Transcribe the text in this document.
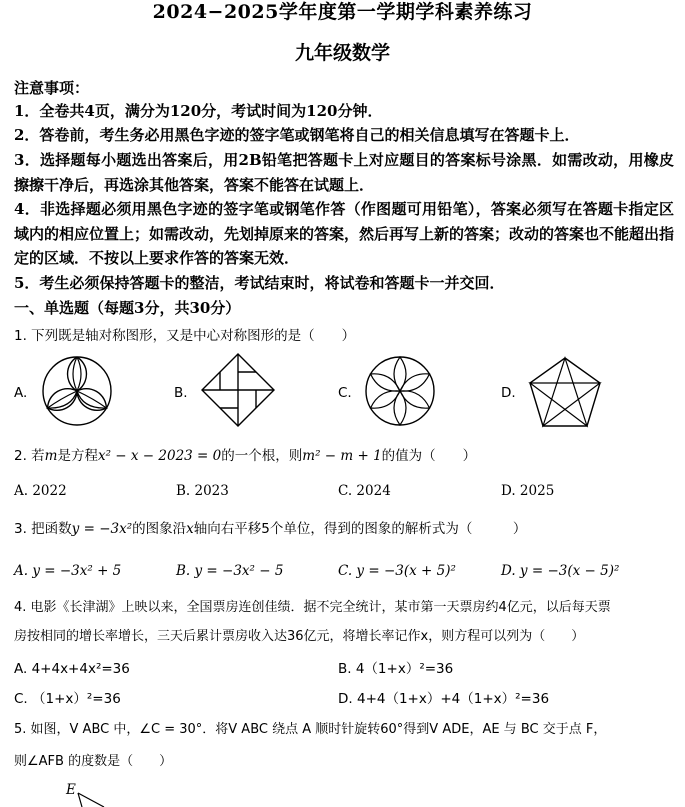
2024−2025学年度第一学期学科素养练习
九年级数学
注意事项：
1．全卷共4页，满分为120分，考试时间为120分钟．
2．答卷前，考生务必用黑色字迹的签字笔或钢笔将自己的相关信息填写在答题卡上．
3．选择题每小题选出答案后，用2B铅笔把答题卡上对应题目的答案标号涂黑．如需改动，用橡皮擦擦干净后，再选涂其他答案，答案不能答在试题上．
4．非选择题必须用黑色字迹的签字笔或钢笔作答（作图题可用铅笔），答案必须写在答题卡指定区域内的相应位置上；如需改动，先划掉原来的答案，然后再写上新的答案；改动的答案也不能超出指定的区域．不按以上要求作答的答案无效．
5．考生必须保持答题卡的整洁，考试结束时，将试卷和答题卡一并交回．
一、单选题（每题3分，共30分）
1. 下列既是轴对称图形，又是中心对称图形的是（　　）
A.	B.	C.	D.
2. 若m是方程x² − x − 2023 = 0的一个根，则m² − m + 1的值为（　　）
A. 2022	B. 2023	C. 2024	D. 2025
3. 把函数y = −3x²的图象沿x轴向右平移5个单位，得到的图象的解析式为（　　　）
A. y = −3x² + 5	B. y = −3x² − 5	C. y = −3(x + 5)²	D. y = −3(x − 5)²
4. 电影《长津湖》上映以来，全国票房连创佳绩．据不完全统计，某市第一天票房约4亿元，以后每天票
房按相同的增长率增长，三天后累计票房收入达36亿元，将增长率记作x，则方程可以列为（　　）
A. 4+4x+4x²=36	B. 4（1+x）²=36
C. （1+x）²=36	D. 4+4（1+x）+4（1+x）²=36
5. 如图，V ABC 中，∠C = 30°．将V ABC 绕点 A 顺时针旋转60°得到V ADE，AE 与 BC 交于点 F，
则∠AFB 的度数是（　　）
E
